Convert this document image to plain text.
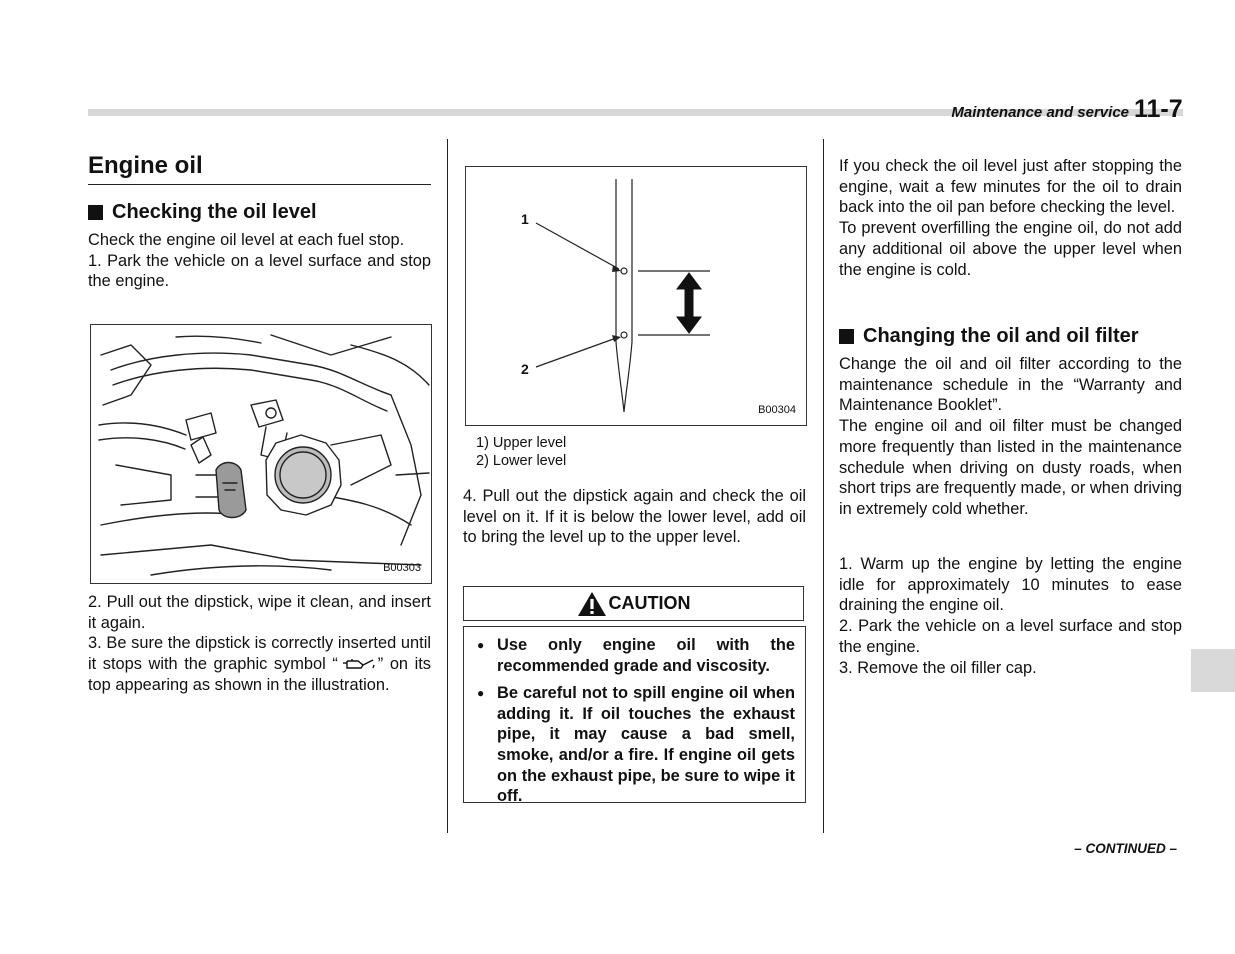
Maintenance and service 11-7
Engine oil
Checking the oil level

Check the engine oil level at each fuel stop.

1. Park the vehicle on a level surface and stop the engine.

B00303

2. Pull out the dipstick, wipe it clean, and insert it again.

3. Be sure the dipstick is correctly inserted until it stops with the graphic symbol “ ” on its top appearing as shown in the illustration.

1
2
B00304
1) Upper level
2) Lower level

4. Pull out the dipstick again and check the oil level on it. If it is below the lower level, add oil to bring the level up to the upper level.

CAUTION
● Use only engine oil with the recommended grade and viscosity.
● Be careful not to spill engine oil when adding it. If oil touches the exhaust pipe, it may cause a bad smell, smoke, and/or a fire. If engine oil gets on the exhaust pipe, be sure to wipe it off.

If you check the oil level just after stopping the engine, wait a few minutes for the oil to drain back into the oil pan before checking the level.

To prevent overfilling the engine oil, do not add any additional oil above the upper level when the engine is cold.

Changing the oil and oil filter

Change the oil and oil filter according to the maintenance schedule in the “Warranty and Maintenance Booklet”.

The engine oil and oil filter must be changed more frequently than listed in the maintenance schedule when driving on dusty roads, when short trips are frequently made, or when driving in extremely cold whether.

1. Warm up the engine by letting the engine idle for approximately 10 minutes to ease draining the engine oil.

2. Park the vehicle on a level surface and stop the engine.

3. Remove the oil filler cap.

– CONTINUED –
